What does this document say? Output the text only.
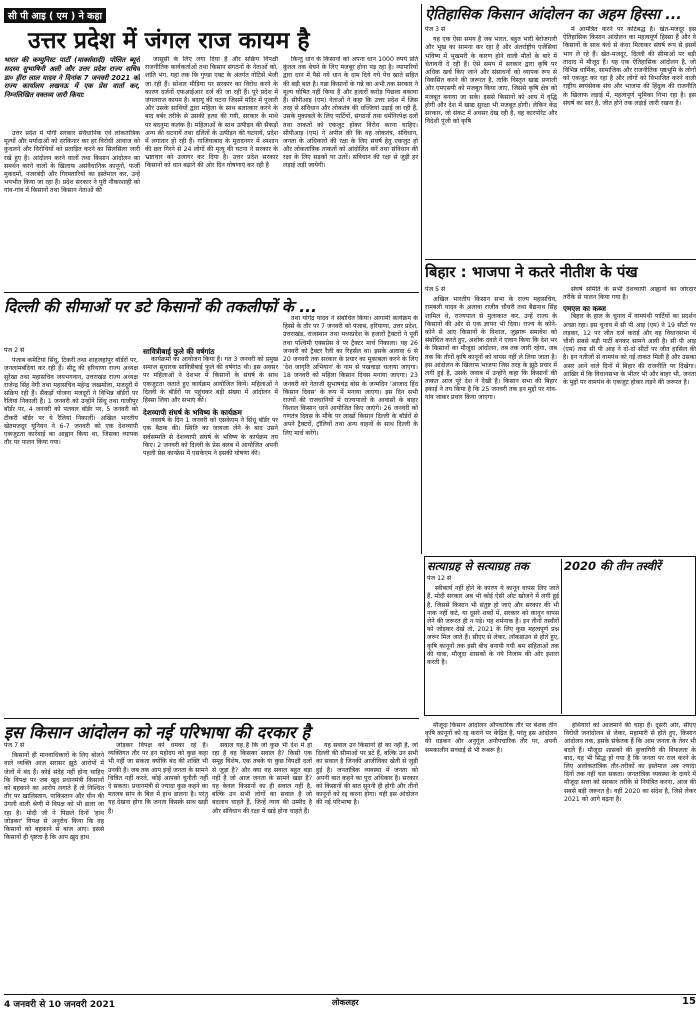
सी पी आइ ( एम ) ने कहा
उत्तर प्रदेश में जंगल राज कायम है
भारत की कम्युनिस्ट पार्टी (मार्क्सवादी) पोलित ब्यूरो सदस्य सुभाषिनी अली और उत्तर प्रदेश राज्य सचिव डा० हीरा लाल यादव ने दिनांक 7 जनवरी 2021 को राज्य कार्यालय लखनऊ में एक प्रेस वार्ता कर, निम्नलिखित वक्तव्य जारी किया:

उत्तर प्रदेश में योगी सरकार संवैधानिक एवं लोकतांत्रिक मूल्यों और मर्यादाओं को दरकिनार कर हर विरोधी आवाज को कुचलने और विरोधियों को प्रताड़ित करने का सिलसिला जारी रखे हुए है। आंदोलन करने वालों तथा किसान आंदोलन का समर्थन करने वालों के खिलाफ असंवैधानिक कानूनों, फर्जी मुकदमों, नजरबंदी और गिरफ्तारियों का इस्तेमाल कर, उन्हें भयभीत किया जा रहा है। प्रदेश सरकार ने पूरी नौकरशाही को गांव-गांव में किसानों तथा किसान नेताओं की

जासूसी के लिए लगा दिया है और सक्रिय विपक्षी राजनीतिक कार्यकर्ताओं तथा किसान संगठनों के नेताओं को, शांति भंग, यहां तक कि गुण्डा एक्ट के अंतर्गत नोटिसें भेजी जा रही हैं। सोशल मीडिया पर सरकार का विरोध करने के कारण दर्जनों एफआईआर दर्ज की जा रही हैं। पूरे प्रदेश में जंगलराज कायम है। बदायूं की घटना जिसमें मंदिर में पुजारी और उसके साथियों द्वारा महिला के साथ बलात्कार करने के बाद बर्बर तरीके से उसकी हत्या की गयी, सरकार के माथे पर बदनुमा कलंक है। महिलाओं के साथ उत्पीड़न की सैकड़ों अन्य की घटनायें तथा दलितों के उत्पीड़न की घटनायें, प्रदेश में लगातार हो रही हैं। गाजियाबाद के मुरादनगर में श्मशान की छत गिरने से 24 लोगों की मृत्यु की घटना ने सरकार के भ्रष्टाचार को उजागर कर दिया है। उत्तर प्रदेश सरकार किसानों को धान बढ़ाने की ओर दिन घोषणाएं कर रही है

किन्तु धान के किसानों को अपना धान 1000 रुपये प्रति कुंतल तक बेचने के लिए मजबूर होना पड़ रहा है। व्यापारियों द्वारा धान में पैसे नये धान के दाम दिये गये पेंच खाते सहित की बड़ी बात है। गन्ना किसानों के गन्ने का अभी तक सरकार ने मूल्य घोषित नहीं किया है और हजारों करोड़ पिछला बकाया हैं। सीपीआइ (एम) नेताओं ने कहा कि उत्तर प्रदेश में जिस तरह से संविधान और लोकतंत्र की धज्जियां उड़ाई जा रही हैं, उसके मुकाबले के लिए पार्टियों, संगठनों तथा धर्मनिरपेक्ष दलों तथा ताकतों को एकजुट होकर विरोध करना चाहिए। सीपीआइ (एम) ने अपील की कि वह लोकतंत्र, संविधान, जनता के अधिकारों की रक्षा के लिए संघर्ष हेतु एकजुट हो और लोकतांत्रिक ताकतों को आंदोलित करें तथा संविधान की रक्षा के लिए सड़कों पर उतरें। संविधान की रक्षा से जुड़ी हर लड़ाई लड़ी जायेगी।

ऐतिहासिक किसान आंदोलन का अहम हिस्सा ...
पेज 3 से

यह एक ऐसा समय है जब भारत, बहुत भारी बेरोजगारी और भूख का सामना कर रहा है और अंतर्राष्ट्रीय एजेंसियां भविष्य में भुखमरी के कारण होने वाली मौतों के बारे में चेतावनी दे रही हैं। ऐसे समय में सरकार द्वारा कृषि पर अधिक खर्च किए जाने और संसाधनों को व्यापक रूप से विकसित करने की जरूरत है, ताकि विस्तृत खाद्य प्रणाली और एमएसपी को मजबूत किया जाए, जिससे कृषि क्षेत्र को मजबूत बनाया जा सके। इससे किसानों को आय में वृद्धि होगी और देश में खाद्य सुरक्षा भी मजबूत होगी। लेकिन केंद्र सरकार, जो संकट में अवसर देख रही है, वह कारपोरेट और विदेशी पूंजी को कृषि

में आमंत्रित करने पर कटिबद्ध है। खेत-मजदूर इस ऐतिहासिक किसान आंदोलन का महत्वपूर्ण हिस्सा हैं और वे किसानों के साथ कंधे से कंधा मिलाकर संघर्ष रूप से इसमें भाग ले रहे हैं। खेत-मजदूर, दिल्ली की सीमाओं पर बड़ी तादाद में मौजूद हैं। यह एक ऐतिहासिक आंदोलन है, जो विभिन्न धार्मिक, सामाजिक और राजनीतिक पृष्ठभूमि के लोगों को एकजुट कर रहा है और लोगों को विभाजित करने वाली राष्ट्रीय स्वयंसेवक संघ और भाजपा की हिंदुत्व की राजनीति के खिलाफ लड़ाई में, महत्वपूर्ण भूमिका निभा रहा है। इस संघर्ष का सार है, जीत होने तक लड़ाई जारी रखना है।

दिल्ली की सीमाओं पर डटे किसानों की तकलीफों के ...
पेज 2 से

पंजाब कमेटियां सिंधू, टिकरी तथा शाहजहांपुर बॉर्डरों पर, जनलामबंदियां कर रही हैं। सीटू की हरियाणा राज्य अध्यक्ष सुरेखा तथा महासचिव जयभगवान, उत्तराखंड राज्य अध्यक्ष राजेन्द्र सिंह नेगी तथा महासचिव महेन्द्र जखमोला, मजदूरों में सक्रिय रही हैं। सैकड़ों योजना मजदूरों ने विभिन्न बॉर्डरों पर रैलियां निकाली हैं। 1 जनवरी को उन्होंने सिंधू तथा गाजीपुर बॉर्डर पर, 4 जनवरी को पलवल बॉर्डर पर, 5 जनवरी को टीकरी बॉर्डर पर ये रैलियां निकालीं। अखिल भारतीय खेतमजदूर यूनियन ने 6-7 जनवरी को एक देशव्यापी एकजुटता कार्रवाई का आह्वान किया था, जिसका व्यापक तौर पर पालन किया गया।

सावित्रीबाई फुले की वर्षगांठ

कार्यक्रमों का आयोजन किया है। गत 3 जनवरी को प्रमुख समाज सुधारक सावित्रीबाई फुले की वर्षगांठ थी। इस अवसर पर महिलाओं ने देशभर में किसानों के संघर्ष के साथ एकजुटता जताते हुए कार्यक्रम आयोजित किये। महिलाओं ने दिल्ली के बॉर्डरों पर पहुंचकर बड़ी संख्या में आंदोलन में हिस्सा लिया और सभाएं कीं।

देशव्यापी संघर्ष के भविष्य के कार्यक्रम

नववर्ष के दिन 1 जनवरी को एसकेएम ने सिंधू बॉर्डर पर एक बैठक की। स्थिति का जायजा लेने के बाद उसने सर्वसम्मति से देशव्यापी संघर्ष के भविष्य के कार्यक्रम तय किए। 2 जनवरी को दिल्ली के प्रेस क्लब में आयोजित अपनी पहली प्रेस कान्फ्रेंस में एसकेएम ने इसकी घोषणा की।

तथा योगेंद्र यादव ने संबोधित किया। आगामी कार्यक्रम के हिस्से के तौर पर 7 जनवरी को पंजाब, हरियाणा, उत्तर प्रदेश, उत्तराखंड, राजस्थान तथा मध्यप्रदेश के हजारों ट्रैक्टरों ने पूर्वी तथा पश्चिमी एक्सप्रेस वे पर ट्रैक्टर मार्च निकाला। यह 26 जनवरी को ट्रैक्टर रैली का रिहर्सल था। इसके अलावा 6 से 20 जनवरी तक सरकार के प्रचार का मुकाबला करने के लिए 'देश जागृति अभियान' के नाम से पखवाड़ा चलाया जाएगा। 18 जनवरी को महिला किसान दिवस मनाया जाएगा। 23 जनवरी को नेताजी सुभाषचंद्र बोस के जन्मदिन 'आजाद हिंद किसान दिवस' के रूप में मनाया जाएगा। इस दिन सभी राज्यों की राजधानियों में राज्यपालों के आवासों के बाहर विशाल किसान धरने आयोजित किए जाएंगे। 26 जनवरी को गणतंत्र दिवस के मौके पर लाखों किसान दिल्ली के बॉर्डरों से अपने ट्रैक्टरों, ट्रॉलियों तथा अन्य वाहनों के साथ दिल्ली के लिए मार्च करेंगे।

बिहार : भाजपा ने कतरे नीतीश के पंख
पेज 5 से

अखिल भारतीय किसान सभा के राज्य महासचिव, रामबली यादव के अलावा राजीव चौधरी तथा बैद्यनाथ सिंह शामिल थे, राज्यपाल से मुलाकात कर, उन्हें राज्य के किसानों की ओर से एक ज्ञापन भी दिया। राज्य के कोने-कोने से आए किसानों के विशाल, जुझारू समावेश को संबोधित करते हुए, अशोक दवले ने एलान किया कि देश भर के किसानों का मौजूदा आंदोलन, तब तक जारी रहेगा, जब तक कि तीनों कृषि कानूनों को वापस नहीं ले लिया जाता है। इस आंदोलन के खिलाफ भाजपा जिस तरह के झूठे प्रचार में लगी हुई है, उसके जवाब में उन्होंने कहा कि किसानों की ताकत आज पूरे देश ने देखी है। किसान सभा की बिहार इकाई ने तय किया है कि 25 जनवरी तक इन मुद्दों पर गांव-गांव जाकर प्रचार किया जाएगा।

संघर्ष समिति के सभी देशव्यापी आह्वानों का जोरदार तरीके से पालन किया गया है।

एमएल का कब्ज

बिहार के हाल के चुनाव में वामपंथी पार्टियों का प्रदर्शन अच्छा रहा। इस चुनाव में सी पी आइ (एम) ने 19 सीटों पर लड़कर, 12 पर जीत दर्ज कराई और वह विधानसभा में चौथी सबसे बड़ी पार्टी बनकर सामने आयी है। सी पी आइ (एम) तथा सी पी आइ ने दो-दो सीटों पर जीत हासिल की है। इन नतीजों से वामपंथ को नई ताकत मिली है और उसका असर आने वाले दिनों में बिहार की राजनीति पर दिखेगा। आखिर में कि विधानसभा के भीतर भी और बाहर भी, जनता के मुद्दों पर वामपंथ के एकजुट होकर लड़ने की जरूरत है।

सत्याग्रह से सत्याग्रह तक
पेज 12 से

स्वीकार्य नहीं होने के कारण ये कानून वापस लिए जाते हैं, मोदी सरकार अब भी कोई ऐसी ओट खोजने में लगी हुई है, जिससे किसान भी संतुष्ट हो जाएं और सरकार की भी नाक नहीं कटे, या दूसरे शब्दों में, सरकार को कानून वापस लेने की जरूरत ही न पड़े। यह शर्मनाक है। इन तीनों तस्वीरों को जोड़कर देखें तो, 2021 के लिए कुछ महत्वपूर्ण प्रश्न जरूर मिल जाते हैं। सीएए से लेकर, लॉकडाउन से होते हुए, कृषि कानूनों तक इसी बीच बनायी गयी श्रम संहिताओं तक की यात्रा, मौजूदा शासकों के नये निजाम की ओर इशारा करती है।

2020 की तीन तस्वीरें
इस किसान आंदोलन को नई परिभाषा की दरकार है
पेज 7 से

किसानों ही मानवाधिकारों के लिए बोलने वाले व्यक्ति आज सरासर झूठे आरोपों में जेलों में बंद हैं। कोई संदेह नहीं होना चाहिए कि विपक्ष पर जब खुद प्रधानमंत्री किसानों को बहकाने का आरोप लगाते हैं तो निश्चित तौर पर खालिस्तान, पाकिस्तान और चीन की उंगली वाली श्रेणी में विपक्ष को भी डाला जा रहा है। मोदी जी ने पिछले दिनों 'हाथ जोड़कर' विपक्ष से अनुरोध किया कि वह किसानों को बहकाने से बाज आए। इससे किसानों ही धृष्टता है कि आप ख़ुद हाथ

जोड़कर विपक्ष को धमका रहे हैं। व्यक्तिगत तौर पर इन महोदय को कुछ कहा भी नहीं जा सकता क्योंकि बंद की शक्ति भी उनकी है। जब तक आप इन्हें जनता के सामने चित्रित नहीं करते, कोई आपको चुनौती नहीं दे सकता। प्रधानमंत्री से ज्यादा कुछ कहने का मतलब सांप के बिल में हाथ डालना है। परंतु यह देखना होगा कि जनता किसके साथ खड़ी है।

सवाल यह है कि जो कुछ भी देश में हो रहा है वह किसका सवाल है? किसी एक समूह विशेष, एक तबके या कुछ विपक्षी दलों से जुड़ा है? और क्या वह सवाल बहुत बड़ा नहीं है जो आज जनता के सामने खड़ा है? यह केवल किसानों का ही सवाल नहीं है, बल्कि उन सभी लोगों का सवाल है जो बदलाव चाहते हैं, जिन्हें न्याय की उम्मीद है और संविधान की रक्षा में खड़े होना चाहते हैं।

यह सवाल उन किसानों ही का नहीं है, जो दिल्ली की सीमाओं पर डटे हैं, बल्कि उन सभी का सवाल है जिनकी आजीविका खेती से जुड़ी हुई है। जनतांत्रिक व्यवस्था में जनता को अपनी बात कहने का पूरा अधिकार है। सरकार को किसानों की बात सुननी ही होगी और तीनों कानूनों को रद्द करना होगा। यही इस आंदोलन की नई परिभाषा है।

मौजूदा किसान आंदोलन औपचारिक तौर पर बेशक तीन कृषि कानूनों को रद्द कराने पर केंद्रित है, परंतु इस आंदोलन की धड़कन और अनुगूंज अनौपचारिक तौर पर, अपनी समकालीन सच्चाई से भी रूबरू है।

हथियारों को आजमाने की चाहा है। दूसरी ओर, सीएए विरोधी जनांदोलन से लेकर, महामारी से होते हुए, किसान आंदोलन तक, इसके संकेतक हैं कि आम जनता के तेवर भी बदले हैं। मौजूदा शासकों की कुत्तागिरी की विफलता के बाद, यह भी सिद्ध हो गया है कि जनता पर राज करने के लिए अलोकतांत्रिक तौर-तरीकों का इस्तेमाल अब ज्यादा दिनों तक नहीं चल सकता। जनतांत्रिक व्यवस्था के दायरे में मौजूदा सत्ता को सरकार तरीके से नियंत्रित करना, आज की सबसे बड़ी जरूरत है। यहीं 2020 का संदेश है, जिसे लेकर 2021 को आगे बढ़ना है।

4 जनवरी से 10 जनवरी 2021	लोकलहर	15
